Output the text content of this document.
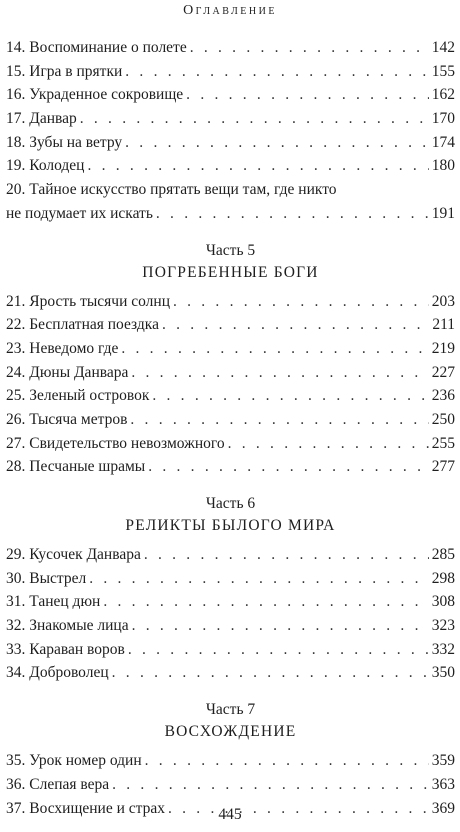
Оглавление
14. Воспоминание о полете . . .	142
15. Игра в прятки . . .	155
16. Украденное сокровище . . .	162
17. Данвар . . .	170
18. Зубы на ветру . . .	174
19. Колодец . . .	180
20. Тайное искусство прятать вещи там, где никто
не подумает их искать . . .	191
Часть 5
ПОГРЕБЕННЫЕ БОГИ
21. Ярость тысячи солнц . . .	203
22. Бесплатная поездка . . .	211
23. Неведомо где . . .	219
24. Дюны Данвара . . .	227
25. Зеленый островок . . .	236
26. Тысяча метров . . .	250
27. Свидетельство невозможного . . .	255
28. Песчаные шрамы . . .	277
Часть 6
РЕЛИКТЫ БЫЛОГО МИРА
29. Кусочек Данвара . . .	285
30. Выстрел . . .	298
31. Танец дюн . . .	308
32. Знакомые лица . . .	323
33. Караван воров . . .	332
34. Доброволец . . .	350
Часть 7
ВОСХОЖДЕНИЕ
35. Урок номер один . . .	359
36. Слепая вера . . .	363
37. Восхищение и страх . . .	369
445
